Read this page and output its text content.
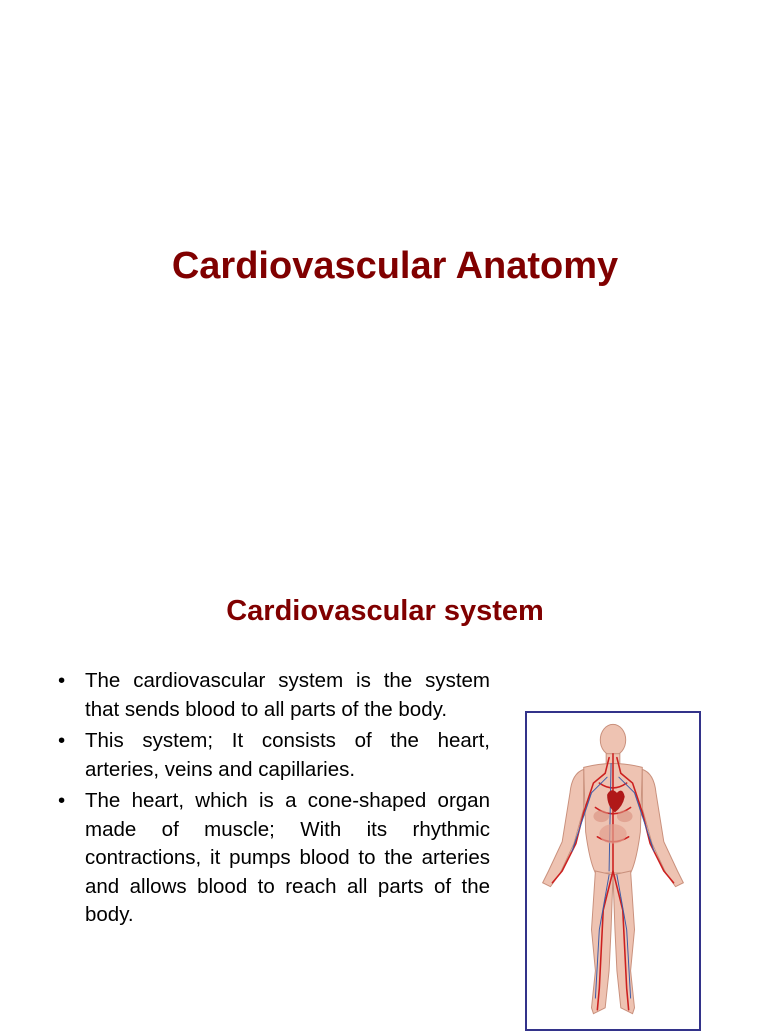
Cardiovascular Anatomy
Cardiovascular system
• The cardiovascular system is the system that sends blood to all parts of the body.
• This system; It consists of the heart, arteries, veins and capillaries.
• The heart, which is a cone-shaped organ made of muscle; With its rhythmic contractions, it pumps blood to the arteries and allows blood to reach all parts of the body.
